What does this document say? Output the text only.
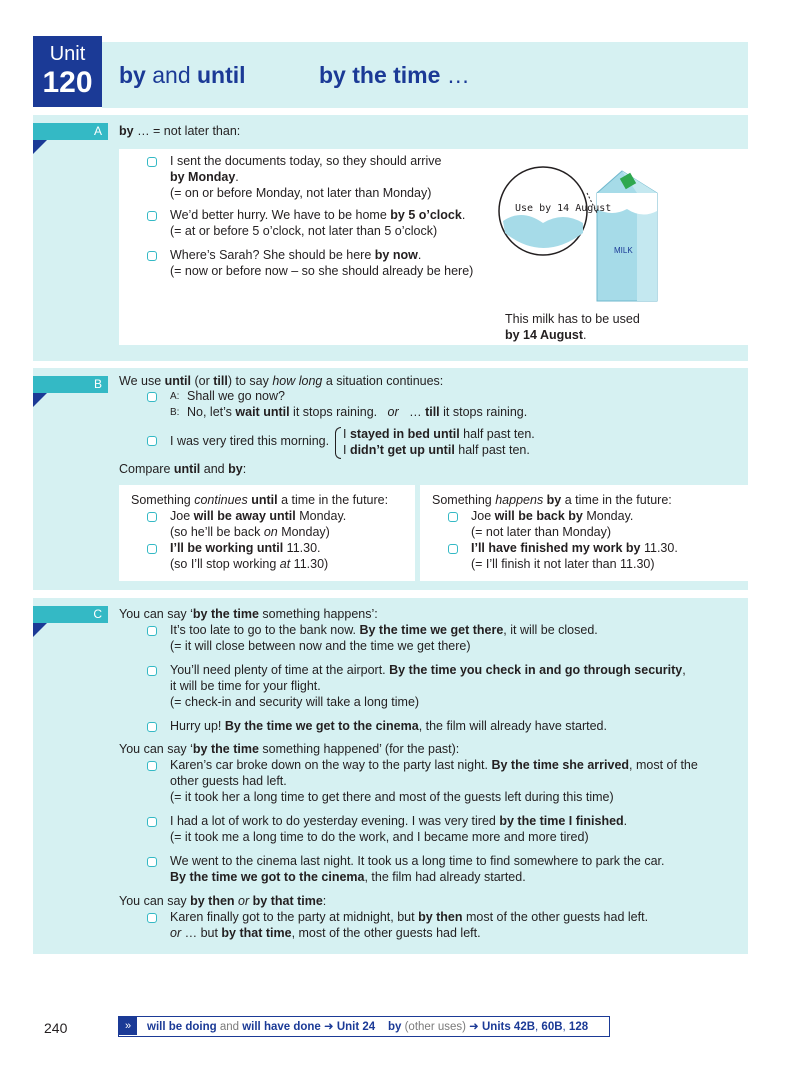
Unit
120	by and until	by the time …
A	by … = not later than:
I sent the documents today, so they should arrive
by Monday.
(= on or before Monday, not later than Monday)
We’d better hurry. We have to be home by 5 o’clock.
(= at or before 5 o’clock, not later than 5 o’clock)
Where’s Sarah? She should be here by now.
(= now or before now – so she should already be here)
Use by 14 August
MILK
This milk has to be used
by 14 August.
B	We use until (or till) to say how long a situation continues:
A: Shall we go now?
B: No, let’s wait until it stops raining. or … till it stops raining.
I was very tired this morning. I stayed in bed until half past ten.
I didn’t get up until half past ten.
Compare until and by:
Something continues until a time in the future:
Joe will be away until Monday.
(so he’ll be back on Monday)
I’ll be working until 11.30.
(so I’ll stop working at 11.30)
Something happens by a time in the future:
Joe will be back by Monday.
(= not later than Monday)
I’ll have finished my work by 11.30.
(= I’ll finish it not later than 11.30)
C	You can say ‘by the time something happens’:
It’s too late to go to the bank now. By the time we get there, it will be closed.
(= it will close between now and the time we get there)
You’ll need plenty of time at the airport. By the time you check in and go through security,
it will be time for your flight.
(= check-in and security will take a long time)
Hurry up! By the time we get to the cinema, the film will already have started.
You can say ‘by the time something happened’ (for the past):
Karen’s car broke down on the way to the party last night. By the time she arrived, most of the
other guests had left.
(= it took her a long time to get there and most of the guests left during this time)
I had a lot of work to do yesterday evening. I was very tired by the time I finished.
(= it took me a long time to do the work, and I became more and more tired)
We went to the cinema last night. It took us a long time to find somewhere to park the car.
By the time we got to the cinema, the film had already started.
You can say by then or by that time:
Karen finally got to the party at midnight, but by then most of the other guests had left.
or … but by that time, most of the other guests had left.
240	»	will be doing and will have done ➜ Unit 24 by (other uses) ➜ Units 42B, 60B, 128
